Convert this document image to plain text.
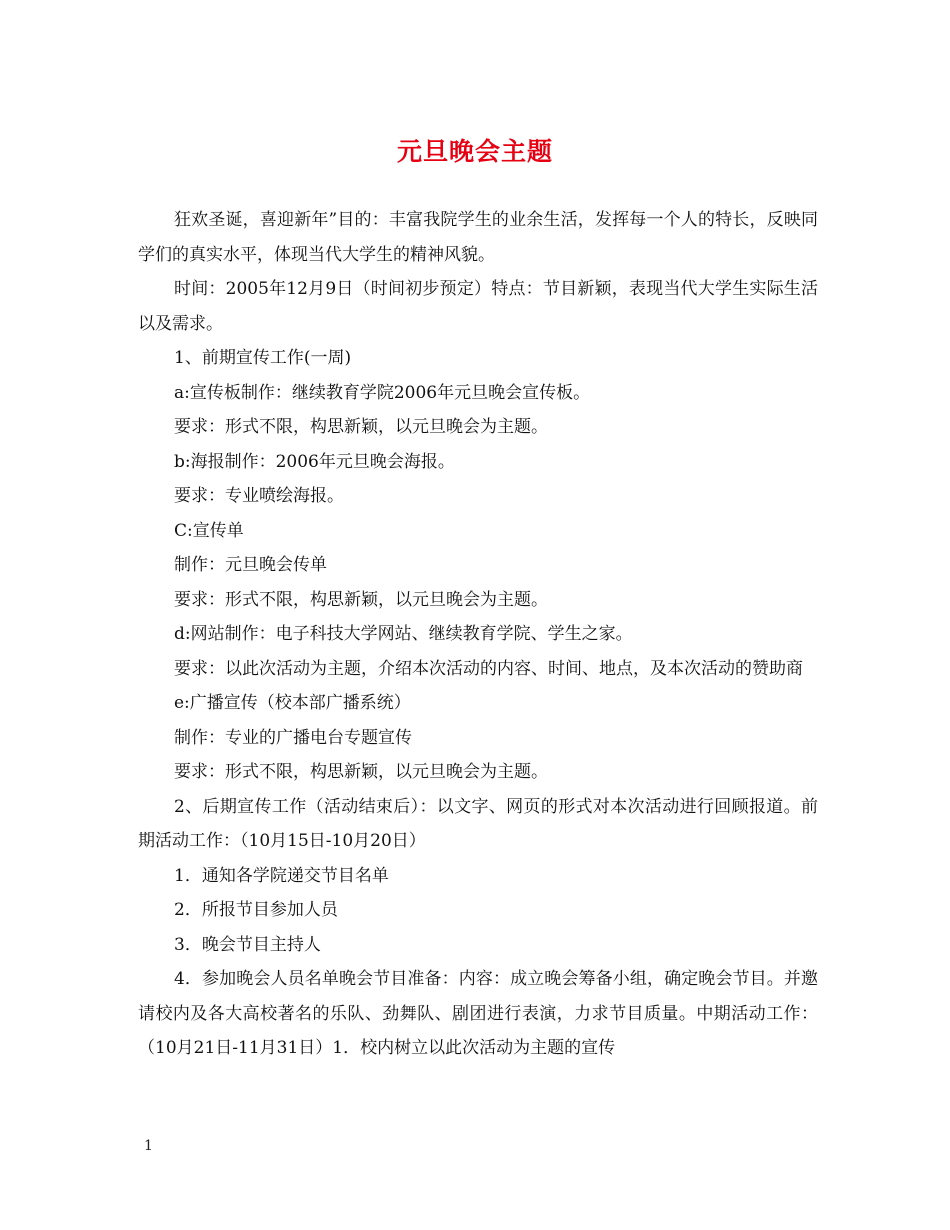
元旦晚会主题

狂欢圣诞，喜迎新年”目的：丰富我院学生的业余生活，发挥每一个人的特长，反映同学们的真实水平，体现当代大学生的精神风貌。

时间：2005年12月9日（时间初步预定）特点：节目新颖，表现当代大学生实际生活以及需求。

1、前期宣传工作(一周)

a:宣传板制作：继续教育学院2006年元旦晚会宣传板。

要求：形式不限，构思新颖，以元旦晚会为主题。

b:海报制作：2006年元旦晚会海报。

要求：专业喷绘海报。

C:宣传单

制作：元旦晚会传单

要求：形式不限，构思新颖，以元旦晚会为主题。

d:网站制作：电子科技大学网站、继续教育学院、学生之家。

要求：以此次活动为主题，介绍本次活动的内容、时间、地点，及本次活动的赞助商

e:广播宣传（校本部广播系统）

制作：专业的广播电台专题宣传

要求：形式不限，构思新颖，以元旦晚会为主题。

2、后期宣传工作（活动结束后）：以文字、网页的形式对本次活动进行回顾报道。前期活动工作：（10月15日-10月20日）

1．通知各学院递交节目名单

2．所报节目参加人员

3．晚会节目主持人

4．参加晚会人员名单晚会节目准备：内容：成立晚会筹备小组，确定晚会节目。并邀请校内及各大高校著名的乐队、劲舞队、剧团进行表演，力求节目质量。中期活动工作：（10月21日-11月31日）1．校内树立以此次活动为主题的宣传

1
